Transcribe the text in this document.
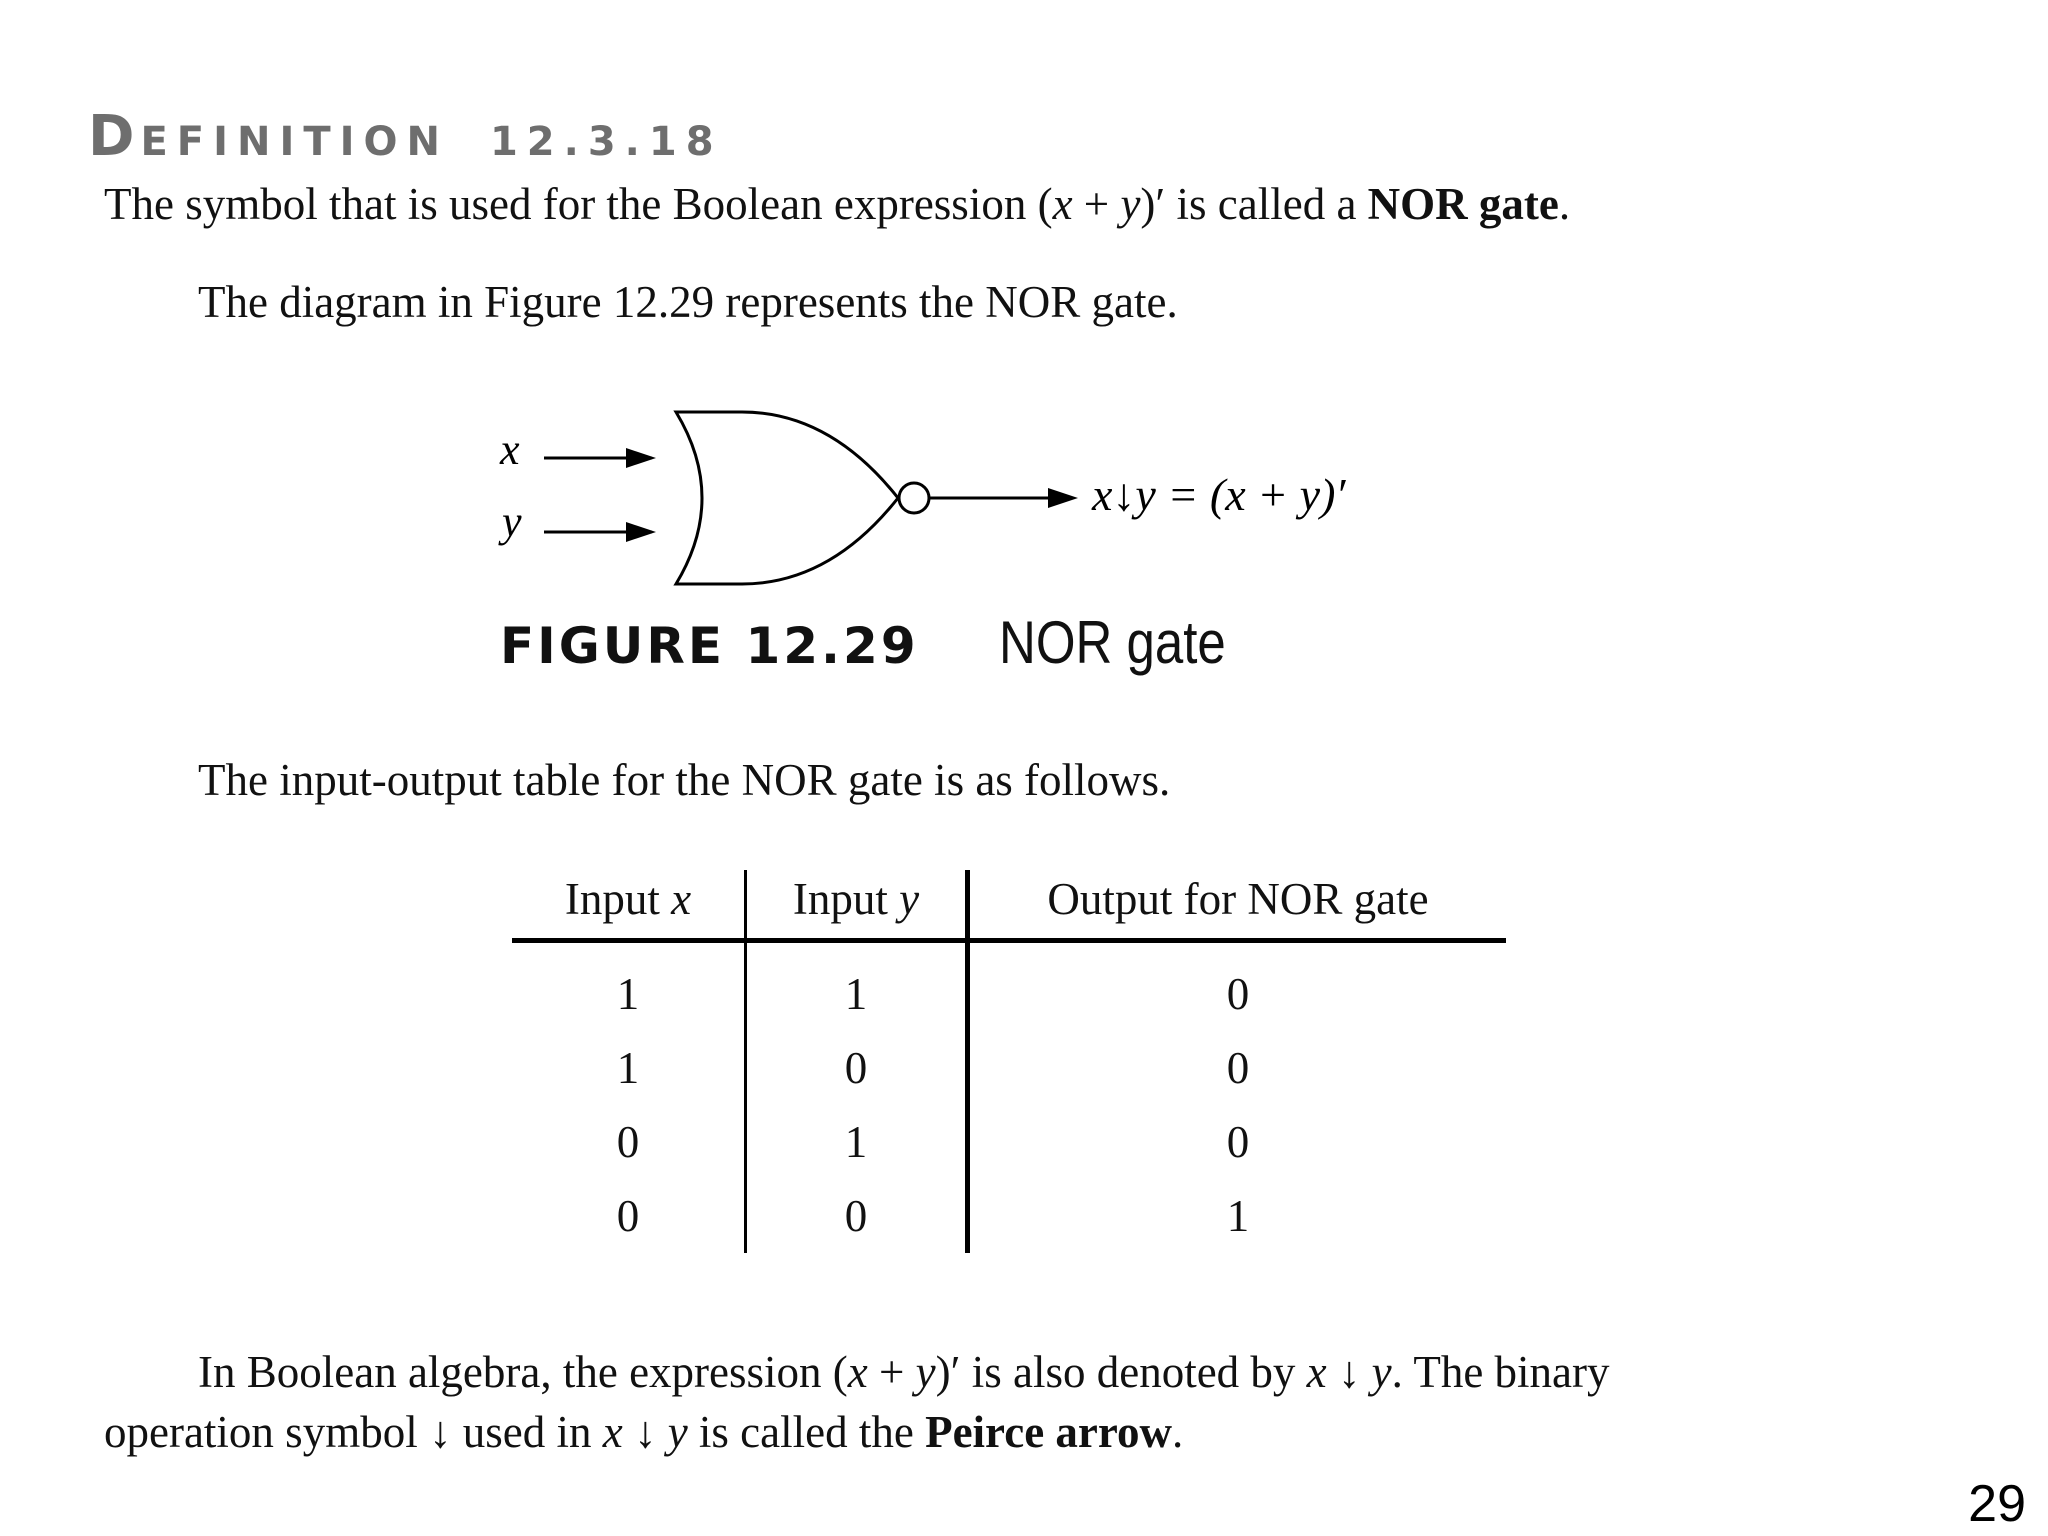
DEFINITION 12.3.18
The symbol that is used for the Boolean expression (x + y)′ is called a NOR gate.
The diagram in Figure 12.29 represents the NOR gate.
x
y
x↓y = (x + y)′
FIGURE 12.29 NOR gate
The input-output table for the NOR gate is as follows.
Input x	Input y	Output for NOR gate
1	1	0
1	0	0
0	1	0
0	0	1
In Boolean algebra, the expression (x + y)′ is also denoted by x ↓ y. The binary
operation symbol ↓ used in x ↓ y is called the Peirce arrow.
29
